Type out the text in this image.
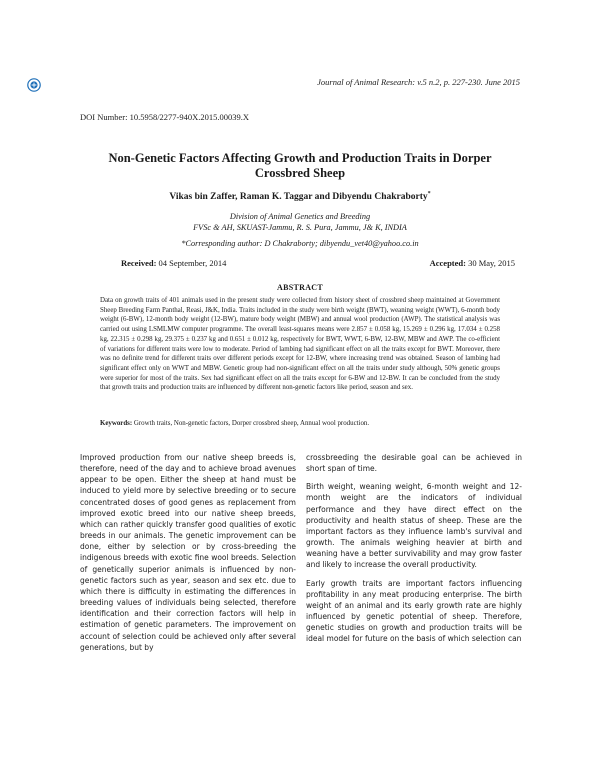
Journal of Animal Research: v.5 n.2, p. 227-230. June 2015
DOI Number: 10.5958/2277-940X.2015.00039.X
Non-Genetic Factors Affecting Growth and Production Traits in Dorper Crossbred Sheep
Vikas bin Zaffer, Raman K. Taggar and Dibyendu Chakraborty*
Division of Animal Genetics and Breeding
FVSc & AH, SKUAST-Jammu, R. S. Pura, Jammu, J& K, INDIA
*Corresponding author: D Chakraborty; dibyendu_vet40@yahoo.co.in
Received: 04 September, 2014	Accepted: 30 May, 2015
ABSTRACT
Data on growth traits of 401 animals used in the present study were collected from history sheet of crossbred sheep maintained at Government Sheep Breeding Farm Panthal, Reasi, J&K, India. Traits included in the study were birth weight (BWT), weaning weight (WWT), 6-month body weight (6-BW), 12-month body weight (12-BW), mature body weight (MBW) and annual wool production (AWP). The statistical analysis was carried out using LSMLMW computer programme. The overall least-squares means were 2.857 ± 0.058 kg, 15.269 ± 0.296 kg, 17.034 ± 0.258 kg, 22.315 ± 0.298 kg, 29.375 ± 0.237 kg and 0.651 ± 0.012 kg, respectively for BWT, WWT, 6-BW, 12-BW, MBW and AWP. The co-efficient of variations for different traits were low to moderate. Period of lambing had significant effect on all the traits except for BWT. Moreover, there was no definite trend for different traits over different periods except for 12-BW, where increasing trend was obtained. Season of lambing had significant effect only on WWT and MBW. Genetic group had non-significant effect on all the traits under study although, 50% genetic groups were superior for most of the traits. Sex had significant effect on all the traits except for 6-BW and 12-BW. It can be concluded from the study that growth traits and production traits are influenced by different non-genetic factors like period, season and sex.
Keywords: Growth traits, Non-genetic factors, Dorper crossbred sheep, Annual wool production.

Improved production from our native sheep breeds is, therefore, need of the day and to achieve broad avenues appear to be open. Either the sheep at hand must be induced to yield more by selective breeding or to secure concentrated doses of good genes as replacement from improved exotic breed into our native sheep breeds, which can rather quickly transfer good qualities of exotic breeds in our animals. The genetic improvement can be done, either by selection or by cross-breeding the indigenous breeds with exotic fine wool breeds. Selection of genetically superior animals is influenced by non-genetic factors such as year, season and sex etc. due to which there is difficulty in estimating the differences in breeding values of individuals being selected, therefore identification and their correction factors will help in estimation of genetic parameters. The improvement on account of selection could be achieved only after several generations, but by

crossbreeding the desirable goal can be achieved in short span of time.

Birth weight, weaning weight, 6-month weight and 12-month weight are the indicators of individual performance and they have direct effect on the productivity and health status of sheep. These are the important factors as they influence lamb's survival and growth. The animals weighing heavier at birth and weaning have a better survivability and may grow faster and likely to increase the overall productivity.

Early growth traits are important factors influencing profitability in any meat producing enterprise. The birth weight of an animal and its early growth rate are highly influenced by genetic potential of sheep. Therefore, genetic studies on growth and production traits will be ideal model for future on the basis of which selection can
